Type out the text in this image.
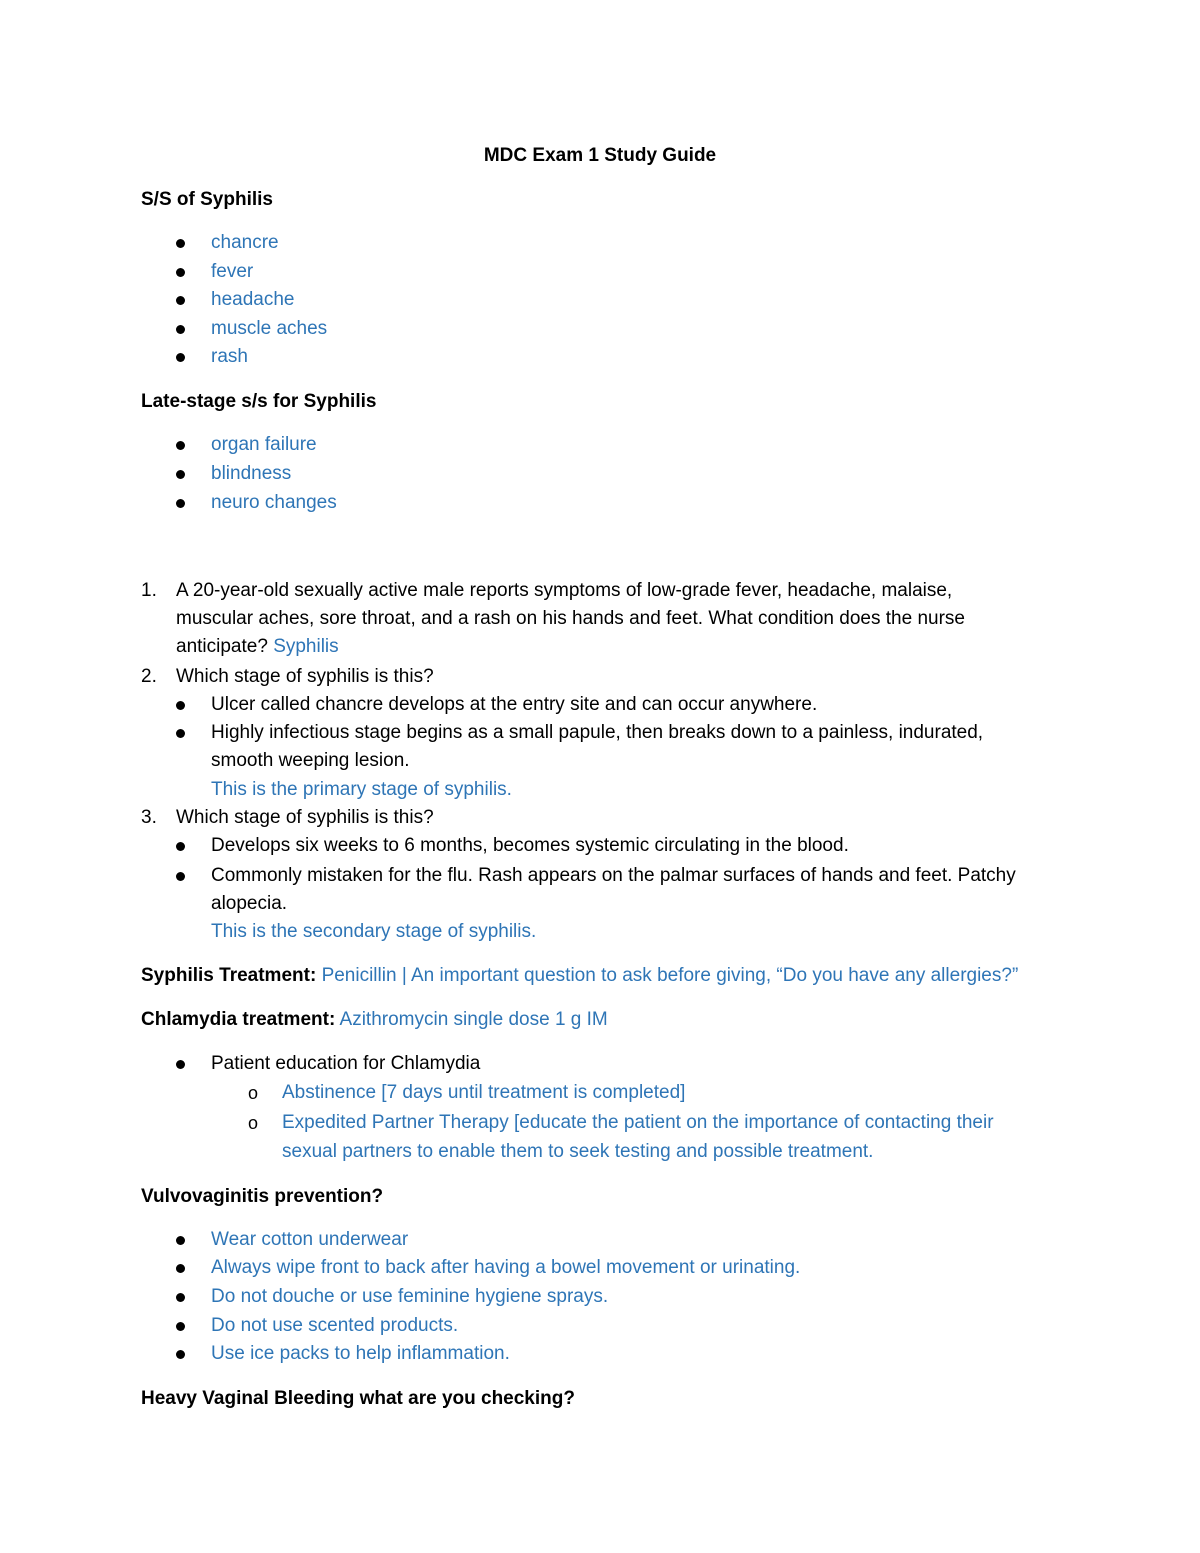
MDC Exam 1 Study Guide
S/S of Syphilis
chancre
fever
headache
muscle aches
rash
Late-stage s/s for Syphilis
organ failure
blindness
neuro changes
1. A 20-year-old sexually active male reports symptoms of low-grade fever, headache, malaise,
muscular aches, sore throat, and a rash on his hands and feet. What condition does the nurse
anticipate? Syphilis
2. Which stage of syphilis is this?
Ulcer called chancre develops at the entry site and can occur anywhere.
Highly infectious stage begins as a small papule, then breaks down to a painless, indurated,
smooth weeping lesion.
This is the primary stage of syphilis.
3. Which stage of syphilis is this?
Develops six weeks to 6 months, becomes systemic circulating in the blood.
Commonly mistaken for the flu. Rash appears on the palmar surfaces of hands and feet. Patchy
alopecia.
This is the secondary stage of syphilis.
Syphilis Treatment: Penicillin | An important question to ask before giving, “Do you have any allergies?”
Chlamydia treatment: Azithromycin single dose 1 g IM
Patient education for Chlamydia
o Abstinence [7 days until treatment is completed]
o Expedited Partner Therapy [educate the patient on the importance of contacting their
sexual partners to enable them to seek testing and possible treatment.
Vulvovaginitis prevention?
Wear cotton underwear
Always wipe front to back after having a bowel movement or urinating.
Do not douche or use feminine hygiene sprays.
Do not use scented products.
Use ice packs to help inflammation.
Heavy Vaginal Bleeding what are you checking?
